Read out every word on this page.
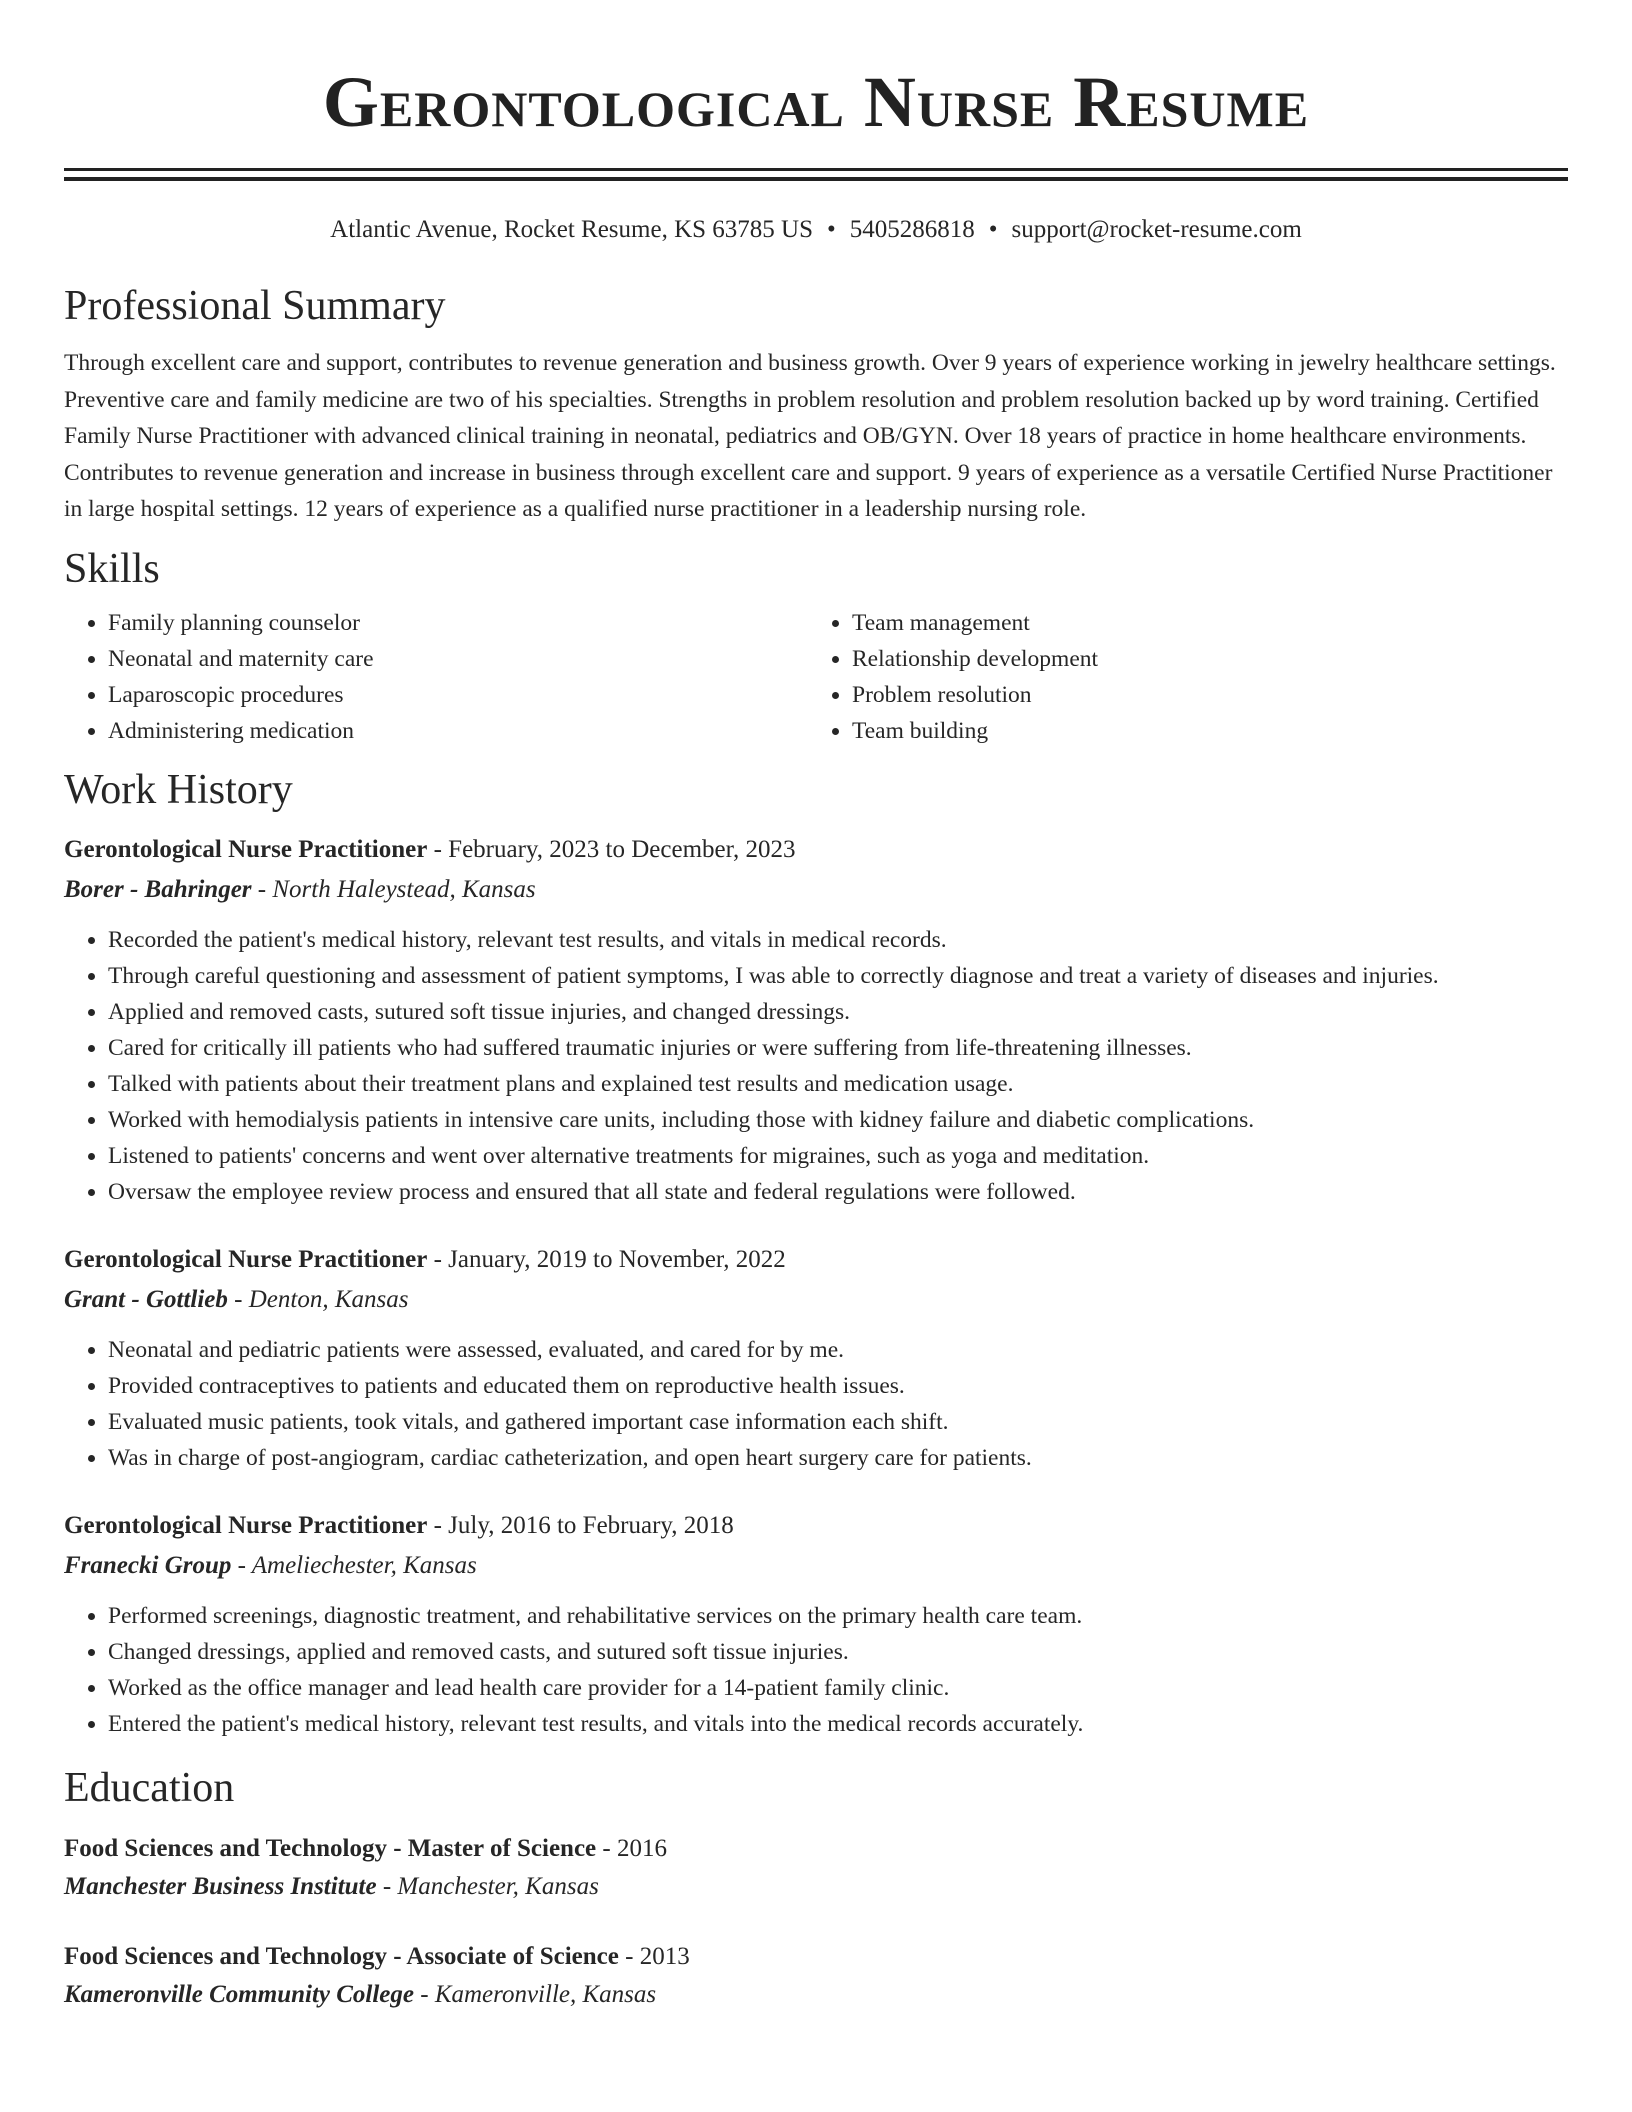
Gerontological Nurse Resume
Atlantic Avenue, Rocket Resume, KS 63785 US • 5405286818 • support@rocket-resume.com
Professional Summary

Through excellent care and support, contributes to revenue generation and business growth. Over 9 years of experience working in jewelry healthcare settings. Preventive care and family medicine are two of his specialties. Strengths in problem resolution and problem resolution backed up by word training. Certified Family Nurse Practitioner with advanced clinical training in neonatal, pediatrics and OB/GYN. Over 18 years of practice in home healthcare environments. Contributes to revenue generation and increase in business through excellent care and support. 9 years of experience as a versatile Certified Nurse Practitioner in large hospital settings. 12 years of experience as a qualified nurse practitioner in a leadership nursing role.

Skills
• Family planning counselor
• Neonatal and maternity care
• Laparoscopic procedures
• Administering medication
• Team management
• Relationship development
• Problem resolution
• Team building
Work History
Gerontological Nurse Practitioner - February, 2023 to December, 2023
Borer - Bahringer - North Haleystead, Kansas
• Recorded the patient's medical history, relevant test results, and vitals in medical records.
• Through careful questioning and assessment of patient symptoms, I was able to correctly diagnose and treat a variety of diseases and injuries.
• Applied and removed casts, sutured soft tissue injuries, and changed dressings.
• Cared for critically ill patients who had suffered traumatic injuries or were suffering from life-threatening illnesses.
• Talked with patients about their treatment plans and explained test results and medication usage.
• Worked with hemodialysis patients in intensive care units, including those with kidney failure and diabetic complications.
• Listened to patients' concerns and went over alternative treatments for migraines, such as yoga and meditation.
• Oversaw the employee review process and ensured that all state and federal regulations were followed.
Gerontological Nurse Practitioner - January, 2019 to November, 2022
Grant - Gottlieb - Denton, Kansas
• Neonatal and pediatric patients were assessed, evaluated, and cared for by me.
• Provided contraceptives to patients and educated them on reproductive health issues.
• Evaluated music patients, took vitals, and gathered important case information each shift.
• Was in charge of post-angiogram, cardiac catheterization, and open heart surgery care for patients.
Gerontological Nurse Practitioner - July, 2016 to February, 2018
Franecki Group - Ameliechester, Kansas
• Performed screenings, diagnostic treatment, and rehabilitative services on the primary health care team.
• Changed dressings, applied and removed casts, and sutured soft tissue injuries.
• Worked as the office manager and lead health care provider for a 14-patient family clinic.
• Entered the patient's medical history, relevant test results, and vitals into the medical records accurately.
Education
Food Sciences and Technology - Master of Science - 2016
Manchester Business Institute - Manchester, Kansas
Food Sciences and Technology - Associate of Science - 2013
Kameronville Community College - Kameronville, Kansas
